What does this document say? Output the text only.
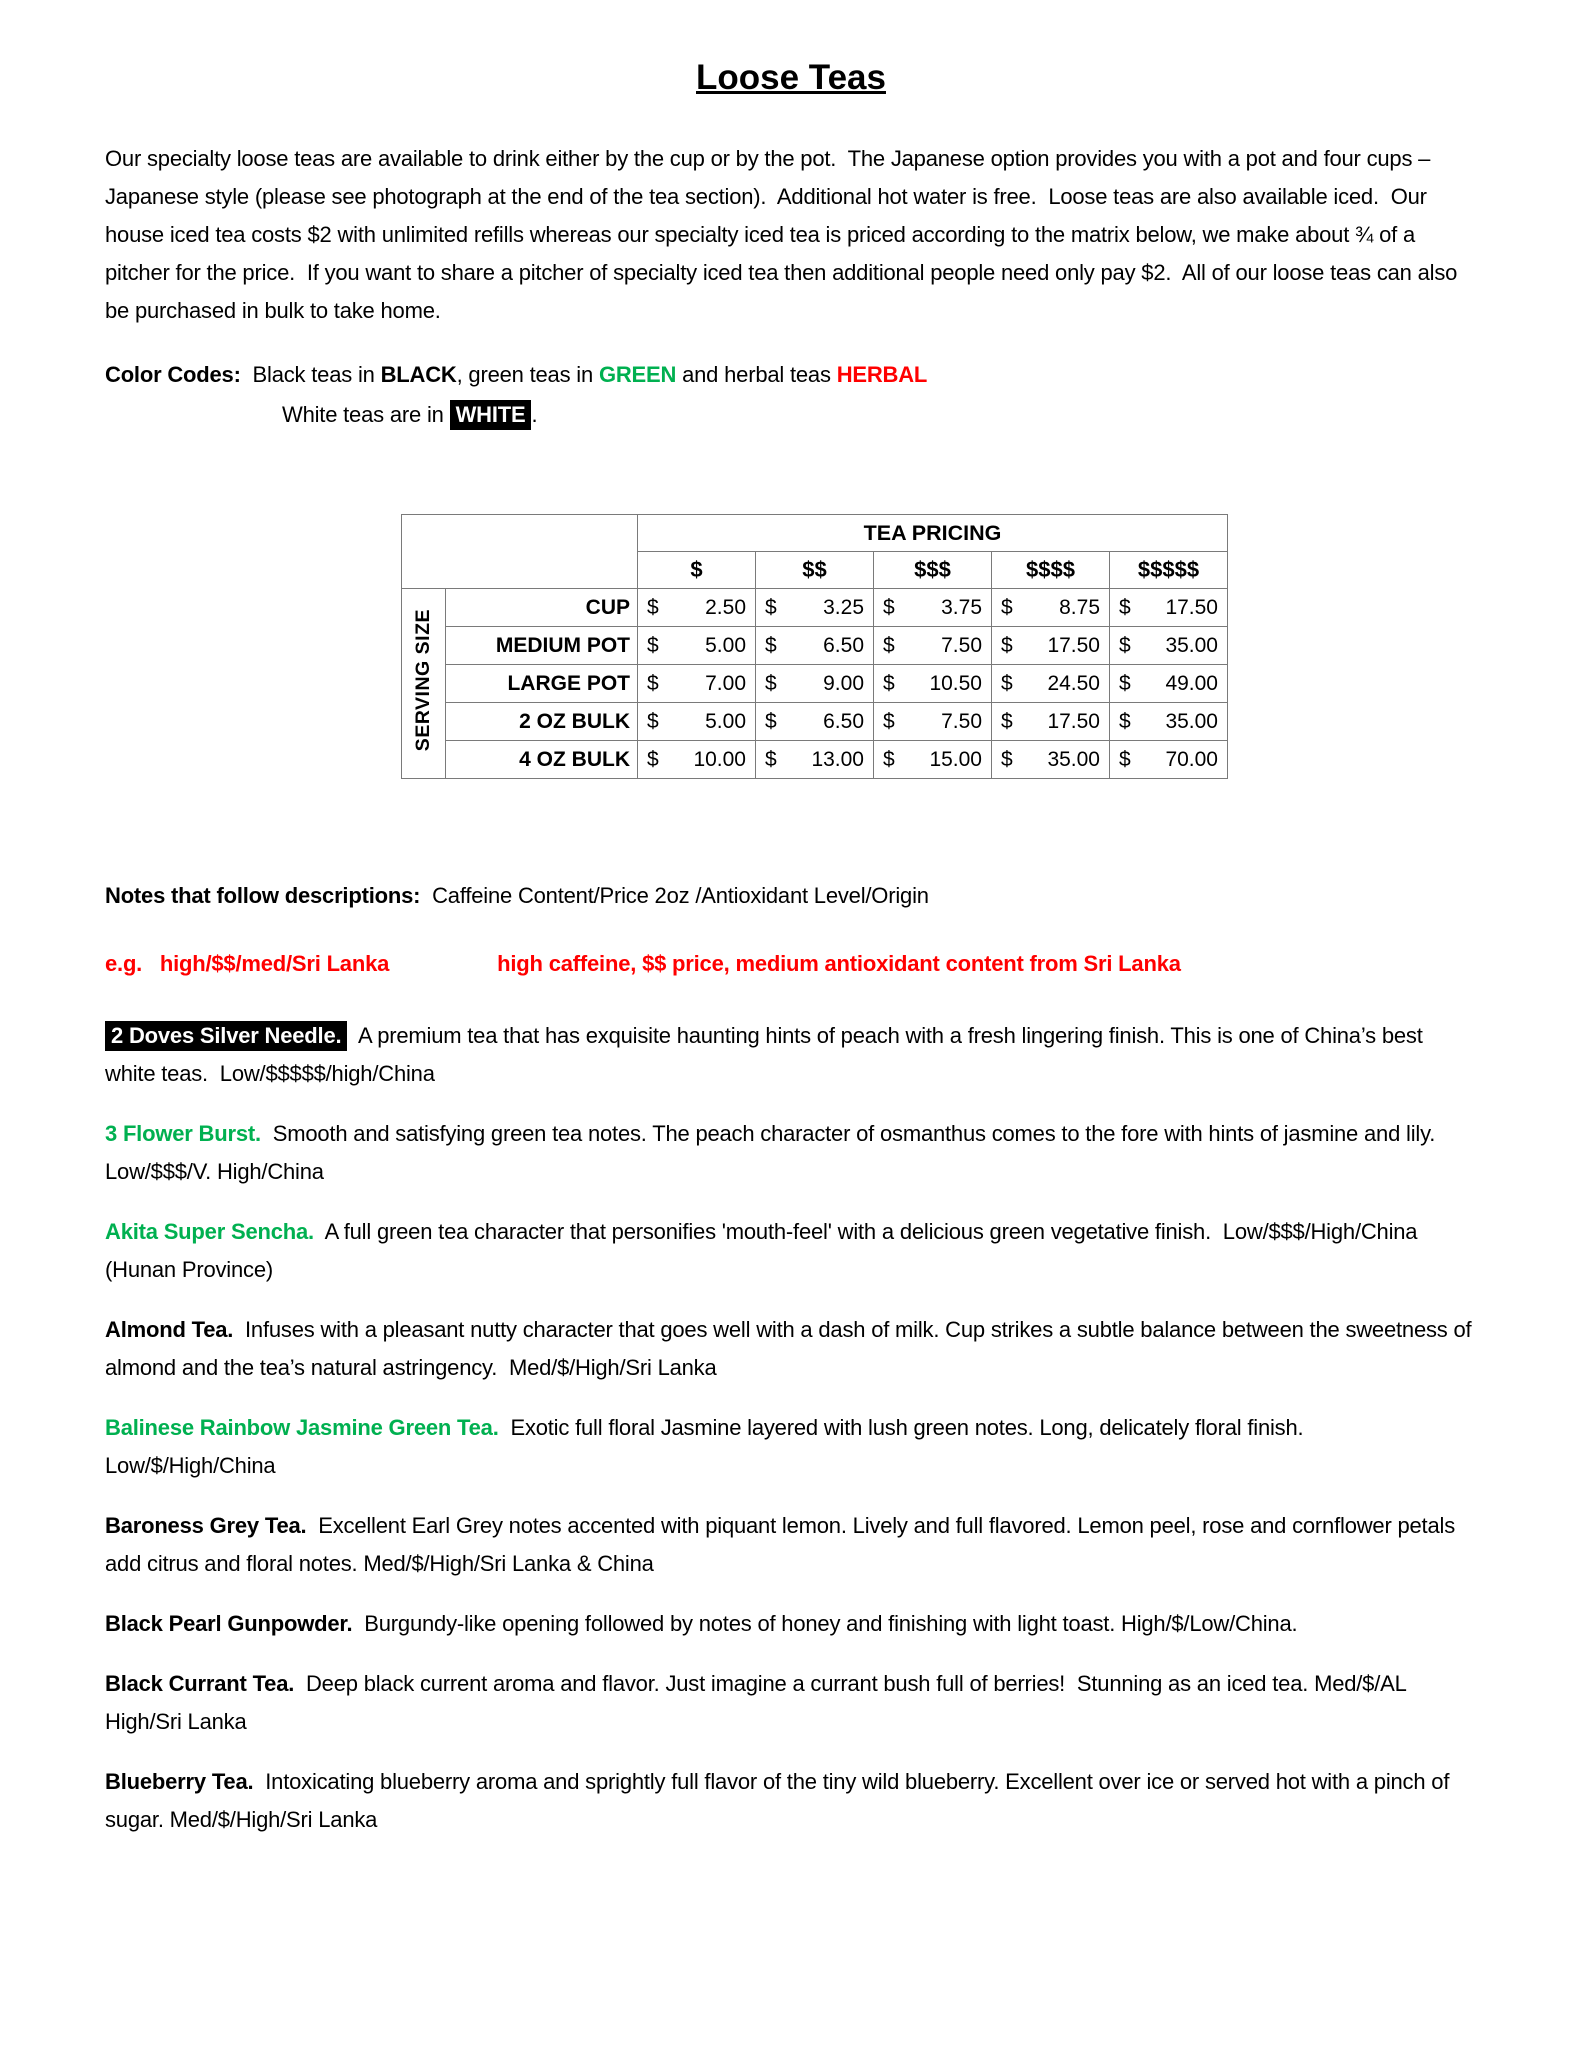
Loose Teas

Our specialty loose teas are available to drink either by the cup or by the pot.  The Japanese option provides you with a pot and four cups – Japanese style (please see photograph at the end of the tea section).  Additional hot water is free.  Loose teas are also available iced.  Our house iced tea costs $2 with unlimited refills whereas our specialty iced tea is priced according to the matrix below, we make about ¾ of a pitcher for the price.  If you want to share a pitcher of specialty iced tea then additional people need only pay $2.  All of our loose teas can also be purchased in bulk to take home.

Color Codes:  Black teas in BLACK, green teas in GREEN and herbal teas HERBAL

White teas are in WHITE .

		TEA PRICING				
		$	$$	$$$	$$$$	$$$$$
SERVING SIZE	CUP	$ 2.50	$ 3.25	$ 3.75	$ 8.75	$ 17.50

	MEDIUM POT	$ 5.00	$ 6.50	$ 7.50	$ 17.50	$ 35.00

	LARGE POT	$ 7.00	$ 9.00	$ 10.50	$ 24.50	$ 49.00

	2 OZ BULK	$ 5.00	$ 6.50	$ 7.50	$ 17.50	$ 35.00

	4 OZ BULK	$ 10.00	$ 13.00	$ 15.00	$ 35.00	$ 70.00

Notes that follow descriptions:  Caffeine Content/Price 2oz /Antioxidant Level/Origin

e.g.   high/$$/med/Sri Lanka	high caffeine, $$ price, medium antioxidant content from Sri Lanka

2 Doves Silver Needle.  A premium tea that has exquisite haunting hints of peach with a fresh lingering finish. This is one of China’s best white teas.  Low/$$$$$/high/China

3 Flower Burst.  Smooth and satisfying green tea notes. The peach character of osmanthus comes to the fore with hints of jasmine and lily.  Low/$$$/V. High/China

Akita Super Sencha.  A full green tea character that personifies 'mouth-feel' with a delicious green vegetative finish.  Low/$$$/High/China (Hunan Province)

Almond Tea.  Infuses with a pleasant nutty character that goes well with a dash of milk. Cup strikes a subtle balance between the sweetness of almond and the tea’s natural astringency.  Med/$/High/Sri Lanka

Balinese Rainbow Jasmine Green Tea.  Exotic full floral Jasmine layered with lush green notes. Long, delicately floral finish. Low/$/High/China

Baroness Grey Tea.  Excellent Earl Grey notes accented with piquant lemon. Lively and full flavored. Lemon peel, rose and cornflower petals add citrus and floral notes. Med/$/High/Sri Lanka & China

Black Pearl Gunpowder.  Burgundy-like opening followed by notes of honey and finishing with light toast. High/$/Low/China.

Black Currant Tea.  Deep black current aroma and flavor. Just imagine a currant bush full of berries!  Stunning as an iced tea. Med/$/AL High/Sri Lanka

Blueberry Tea.  Intoxicating blueberry aroma and sprightly full flavor of the tiny wild blueberry. Excellent over ice or served hot with a pinch of sugar. Med/$/High/Sri Lanka
